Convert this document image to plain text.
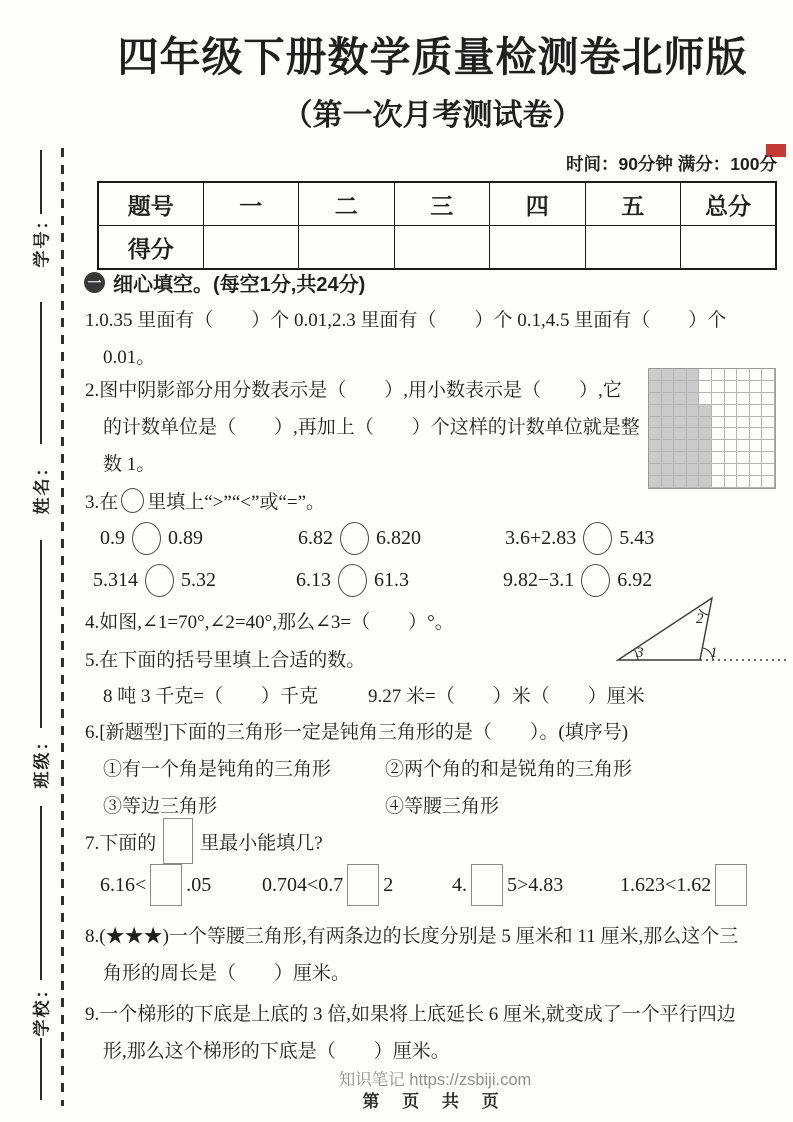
学号：
姓名：
班级：
学校：
四年级下册数学质量检测卷北师版
（第一次月考测试卷）
时间：90分钟 满分：100分
题号	一	二	三	四	五	总分
得分						
一 细心填空。(每空1分,共24分)
1.0.35 里面有（　　）个 0.01,2.3 里面有（　　）个 0.1,4.5 里面有（　　）个
0.01。
2.图中阴影部分用分数表示是（　　）,用小数表示是（　　）,它
的计数单位是（　　）,再加上（　　）个这样的计数单位就是整
数 1。
3.在 里填上“>”“<”或“=”。
0.9 0.89	6.82 6.820	3.6+2.83 5.43
5.314 5.32	6.13 61.3	9.82−3.1 6.92
4.如图,∠1=70°,∠2=40°,那么∠3=（　　）°。	2
3	1
5.在下面的括号里填上合适的数。
8 吨 3 千克=（　　）千克	9.27 米=（　　）米（　　）厘米
6.[新题型]下面的三角形一定是钝角三角形的是（　　）。(填序号)
①有一个角是钝角的三角形	②两个角的和是锐角的三角形
③等边三角形	④等腰三角形
7.下面的 里最小能填几?
6.16< .05	0.704<0.7 2	4. 5>4.83	1.623<1.62
8.(★★★)一个等腰三角形,有两条边的长度分别是 5 厘米和 11 厘米,那么这个三
角形的周长是（　　）厘米。
9.一个梯形的下底是上底的 3 倍,如果将上底延长 6 厘米,就变成了一个平行四边
形,那么这个梯形的下底是（　　）厘米。
知识笔记 https://zsbiji.com
第 页 共 页
